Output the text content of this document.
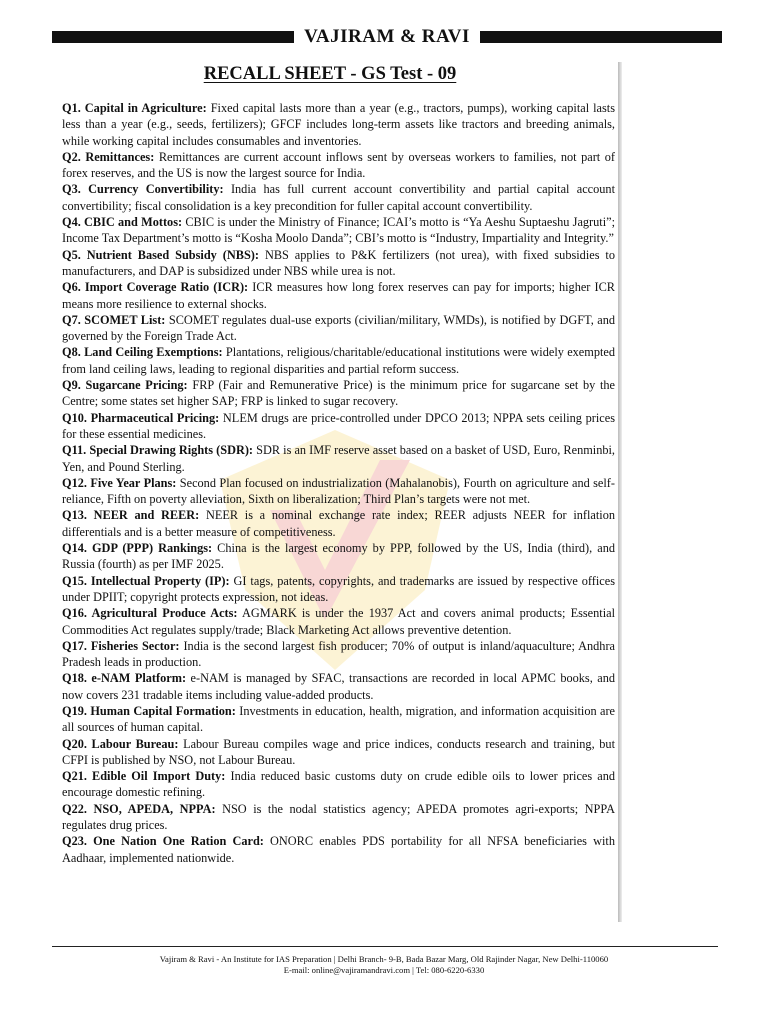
VAJIRAM & RAVI
RECALL SHEET - GS Test - 09

Q1. Capital in Agriculture: Fixed capital lasts more than a year (e.g., tractors, pumps), working capital lasts less than a year (e.g., seeds, fertilizers); GFCF includes long-term assets like tractors and breeding animals, while working capital includes consumables and inventories.

Q2. Remittances: Remittances are current account inflows sent by overseas workers to families, not part of forex reserves, and the US is now the largest source for India.

Q3. Currency Convertibility: India has full current account convertibility and partial capital account convertibility; fiscal consolidation is a key precondition for fuller capital account convertibility.

Q4. CBIC and Mottos: CBIC is under the Ministry of Finance; ICAI’s motto is “Ya Aeshu Suptaeshu Jagruti”; Income Tax Department’s motto is “Kosha Moolo Danda”; CBI’s motto is “Industry, Impartiality and Integrity.”

Q5. Nutrient Based Subsidy (NBS): NBS applies to P&K fertilizers (not urea), with fixed subsidies to manufacturers, and DAP is subsidized under NBS while urea is not.

Q6. Import Coverage Ratio (ICR): ICR measures how long forex reserves can pay for imports; higher ICR means more resilience to external shocks.

Q7. SCOMET List: SCOMET regulates dual-use exports (civilian/military, WMDs), is notified by DGFT, and governed by the Foreign Trade Act.

Q8. Land Ceiling Exemptions: Plantations, religious/charitable/educational institutions were widely exempted from land ceiling laws, leading to regional disparities and partial reform success.

Q9. Sugarcane Pricing: FRP (Fair and Remunerative Price) is the minimum price for sugarcane set by the Centre; some states set higher SAP; FRP is linked to sugar recovery.

Q10. Pharmaceutical Pricing: NLEM drugs are price-controlled under DPCO 2013; NPPA sets ceiling prices for these essential medicines.

Q11. Special Drawing Rights (SDR): SDR is an IMF reserve asset based on a basket of USD, Euro, Renminbi, Yen, and Pound Sterling.

Q12. Five Year Plans: Second Plan focused on industrialization (Mahalanobis), Fourth on agriculture and self-reliance, Fifth on poverty alleviation, Sixth on liberalization; Third Plan’s targets were not met.

Q13. NEER and REER: NEER is a nominal exchange rate index; REER adjusts NEER for inflation differentials and is a better measure of competitiveness.

Q14. GDP (PPP) Rankings: China is the largest economy by PPP, followed by the US, India (third), and Russia (fourth) as per IMF 2025.

Q15. Intellectual Property (IP): GI tags, patents, copyrights, and trademarks are issued by respective offices under DPIIT; copyright protects expression, not ideas.

Q16. Agricultural Produce Acts: AGMARK is under the 1937 Act and covers animal products; Essential Commodities Act regulates supply/trade; Black Marketing Act allows preventive detention.

Q17. Fisheries Sector: India is the second largest fish producer; 70% of output is inland/aquaculture; Andhra Pradesh leads in production.

Q18. e-NAM Platform: e-NAM is managed by SFAC, transactions are recorded in local APMC books, and now covers 231 tradable items including value-added products.

Q19. Human Capital Formation: Investments in education, health, migration, and information acquisition are all sources of human capital.

Q20. Labour Bureau: Labour Bureau compiles wage and price indices, conducts research and training, but CFPI is published by NSO, not Labour Bureau.

Q21. Edible Oil Import Duty: India reduced basic customs duty on crude edible oils to lower prices and encourage domestic refining.

Q22. NSO, APEDA, NPPA: NSO is the nodal statistics agency; APEDA promotes agri-exports; NPPA regulates drug prices.

Q23. One Nation One Ration Card: ONORC enables PDS portability for all NFSA beneficiaries with Aadhaar, implemented nationwide.

Vajiram & Ravi - An Institute for IAS Preparation | Delhi Branch- 9-B, Bada Bazar Marg, Old Rajinder Nagar, New Delhi-110060
E-mail: online@vajiramandravi.com | Tel: 080-6220-6330
